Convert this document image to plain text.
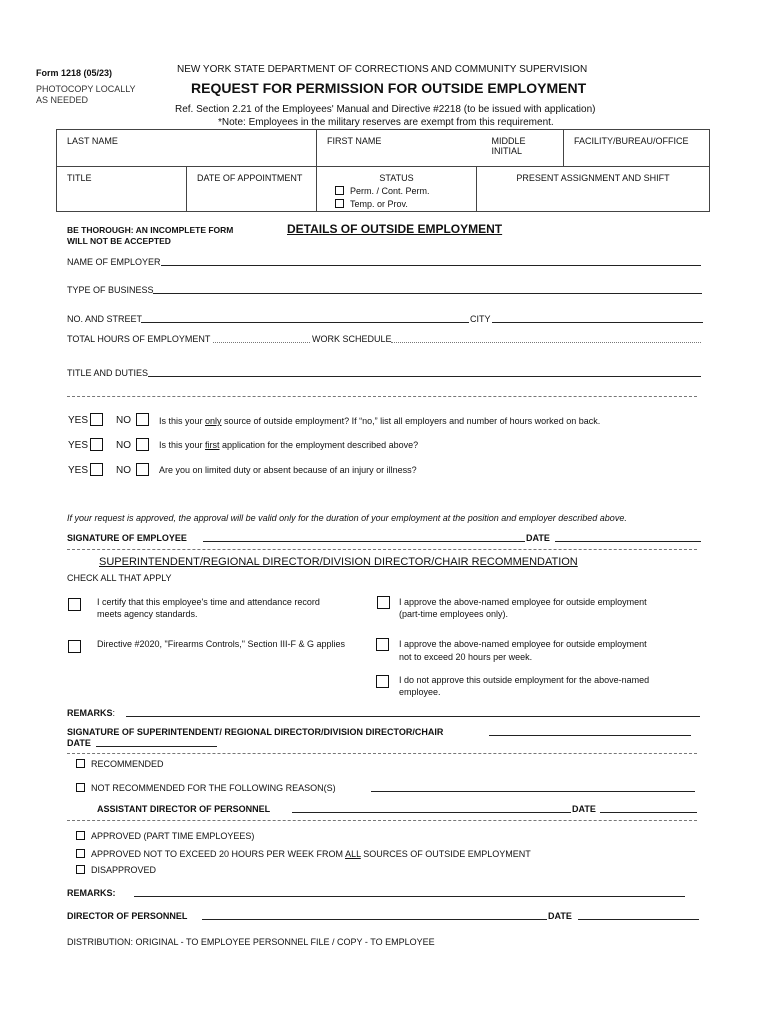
Form 1218 (05/23)
PHOTOCOPY LOCALLY
AS NEEDED
NEW YORK STATE DEPARTMENT OF CORRECTIONS AND COMMUNITY SUPERVISION
REQUEST FOR PERMISSION FOR OUTSIDE EMPLOYMENT
Ref. Section 2.21 of the Employees' Manual and Directive #2218 (to be issued with application)
*Note: Employees in the military reserves are exempt from this requirement.
LAST NAME		FIRST NAME		MIDDLE INITIAL	FACILITY/BUREAU/OFFICE
TITLE	DATE OF APPOINTMENT	STATUS
Perm. / Cont. Perm.
Temp. or Prov.	PRESENT ASSIGNMENT AND SHIFT		
BE THOROUGH: AN INCOMPLETE FORM
WILL NOT BE ACCEPTED
DETAILS OF OUTSIDE EMPLOYMENT
NAME OF EMPLOYER
TYPE OF BUSINESS
NO. AND STREET	CITY
TOTAL HOURS OF EMPLOYMENT	WORK SCHEDULE
TITLE AND DUTIES
YES	NO	Is this your only source of outside employment? If “no,” list all employers and number of hours worked on back.
YES	NO	Is this your first application for the employment described above?
YES	NO	Are you on limited duty or absent because of an injury or illness?
If your request is approved, the approval will be valid only for the duration of your employment at the position and employer described above.
SIGNATURE OF EMPLOYEE	DATE
SUPERINTENDENT/REGIONAL DIRECTOR/DIVISION DIRECTOR/CHAIR RECOMMENDATION
CHECK ALL THAT APPLY
I certify that this employee's time and attendance record
meets agency standards.
I approve the above-named employee for outside employment
(part-time employees only).
Directive #2020, "Firearms Controls," Section III-F & G applies	I approve the above-named employee for outside employment
not to exceed 20 hours per week.
I do not approve this outside employment for the above-named
employee.
REMARKS:
SIGNATURE OF SUPERINTENDENT/ REGIONAL DIRECTOR/DIVISION DIRECTOR/CHAIR
DATE
RECOMMENDED
NOT RECOMMENDED FOR THE FOLLOWING REASON(S)
ASSISTANT DIRECTOR OF PERSONNEL	DATE
APPROVED (PART TIME EMPLOYEES)
APPROVED NOT TO EXCEED 20 HOURS PER WEEK FROM ALL SOURCES OF OUTSIDE EMPLOYMENT
DISAPPROVED
REMARKS:
DIRECTOR OF PERSONNEL	DATE
DISTRIBUTION: ORIGINAL - TO EMPLOYEE PERSONNEL FILE / COPY - TO EMPLOYEE
